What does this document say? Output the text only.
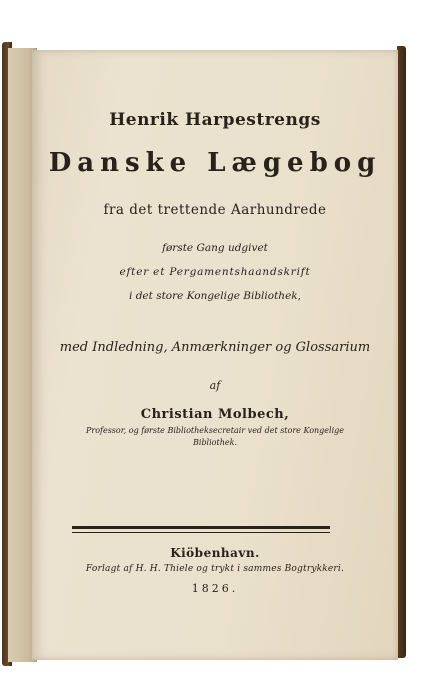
Henrik Harpestrengs
Danske Lægebog
fra det trettende Aarhundrede
første Gang udgivet
efter et Pergamentshaandskrift
i det store Kongelige Bibliothek,
med Indledning, Anmærkninger og Glossarium
af
Christian Molbech,
Professor, og første Bibliotheksecretair ved det store Kongelige
Bibliothek.
Kiöbenhavn.
Forlagt af H. H. Thiele og trykt i sammes Bogtrykkeri.
1826.
